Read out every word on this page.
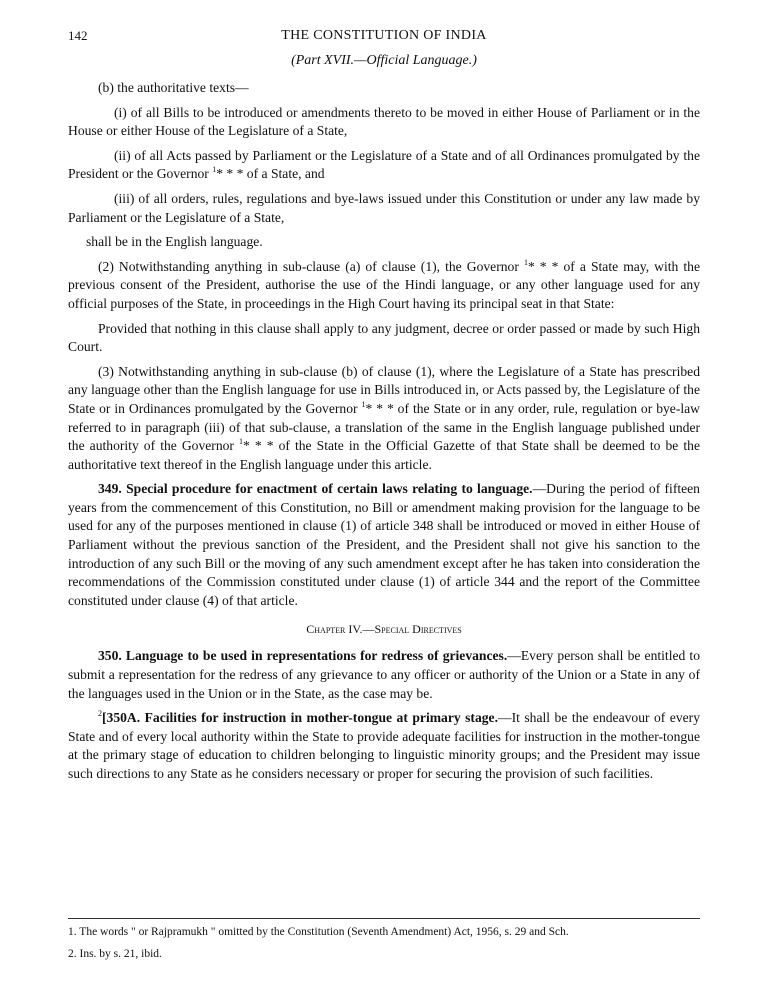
142	THE CONSTITUTION OF INDIA
(Part XVII.—Official Language.)

(b) the authoritative texts—

(i) of all Bills to be introduced or amendments thereto to be moved in either House of Parliament or in the House or either House of the Legislature of a State,

(ii) of all Acts passed by Parliament or the Legislature of a State and of all Ordinances promulgated by the President or the Governor $^1$* * * of a State, and

(iii) of all orders, rules, regulations and bye-laws issued under this Constitution or under any law made by Parliament or the Legislature of a State,

shall be in the English language.

(2) Notwithstanding anything in sub-clause (a) of clause (1), the Governor $^1$* * * of a State may, with the previous consent of the President, authorise the use of the Hindi language, or any other language used for any official purposes of the State, in proceedings in the High Court having its principal seat in that State:

Provided that nothing in this clause shall apply to any judgment, decree or order passed or made by such High Court.

(3) Notwithstanding anything in sub-clause (b) of clause (1), where the Legislature of a State has prescribed any language other than the English language for use in Bills introduced in, or Acts passed by, the Legislature of the State or in Ordinances promulgated by the Governor $^1$* * * of the State or in any order, rule, regulation or bye-law referred to in paragraph (iii) of that sub-clause, a translation of the same in the English language published under the authority of the Governor $^1$* * * of the State in the Official Gazette of that State shall be deemed to be the authoritative text thereof in the English language under this article.

349. Special procedure for enactment of certain laws relating to language.—During the period of fifteen years from the commencement of this Constitution, no Bill or amendment making provision for the language to be used for any of the purposes mentioned in clause (1) of article 348 shall be introduced or moved in either House of Parliament without the previous sanction of the President, and the President shall not give his sanction to the introduction of any such Bill or the moving of any such amendment except after he has taken into consideration the recommendations of the Commission constituted under clause (1) of article 344 and the report of the Committee constituted under clause (4) of that article.

Chapter IV.—Special Directives

350. Language to be used in representations for redress of grievances.—Every person shall be entitled to submit a representation for the redress of any grievance to any officer or authority of the Union or a State in any of the languages used in the Union or in the State, as the case may be.

$^2$[350A. Facilities for instruction in mother-tongue at primary stage.—It shall be the endeavour of every State and of every local authority within the State to provide adequate facilities for instruction in the mother-tongue at the primary stage of education to children belonging to linguistic minority groups; and the President may issue such directions to any State as he considers necessary or proper for securing the provision of such facilities.

1. The words " or Rajpramukh " omitted by the Constitution (Seventh Amendment) Act, 1956, s. 29 and Sch.

2. Ins. by s. 21, ibid.
